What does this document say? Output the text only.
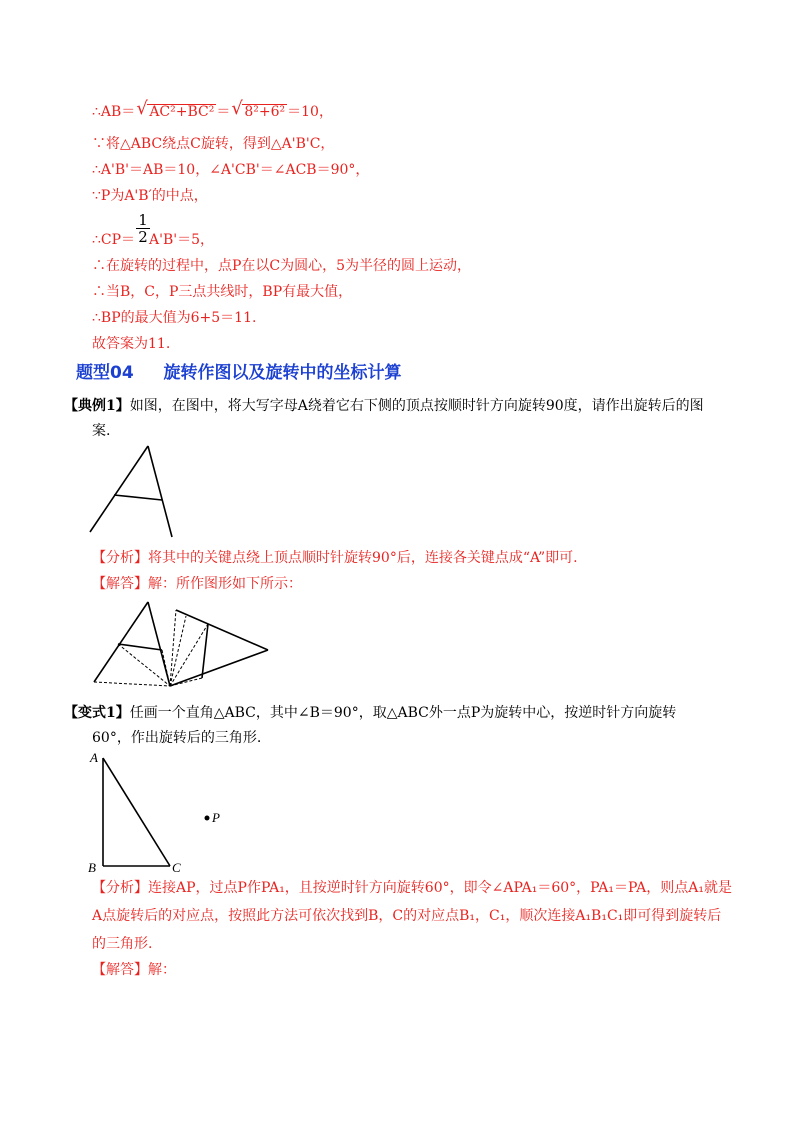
∴AB＝ √ AC²+BC² ＝ √ 8²+6² ＝10，
∵将△ABC绕点C旋转，得到△A'B'C，
∴A'B'＝AB＝10，∠A'CB'＝∠ACB＝90°，
∵P为A'B′的中点，
$\frac{1}{2}$
∴CP＝ A'B'＝5，
∴在旋转的过程中，点P在以C为圆心，5为半径的圆上运动，
∴当B，C，P三点共线时，BP有最大值，
∴BP的最大值为6+5＝11.
故答案为11.
题型04 旋转作图以及旋转中的坐标计算
【典例1】如图，在图中，将大写字母A绕着它右下侧的顶点按顺时针方向旋转90度，请作出旋转后的图
案.
【分析】将其中的关键点绕上顶点顺时针旋转90°后，连接各关键点成“A”即可.
【解答】解：所作图形如下所示：
【变式1】任画一个直角△ABC，其中∠B＝90°，取△ABC外一点P为旋转中心，按逆时针方向旋转
60°，作出旋转后的三角形.
A
B	C
P
【分析】连接AP，过点P作PA₁，且按逆时针方向旋转60°，即令∠APA₁＝60°，PA₁＝PA，则点A₁就是
A点旋转后的对应点，按照此方法可依次找到B，C的对应点B₁，C₁，顺次连接A₁B₁C₁即可得到旋转后
的三角形.
【解答】解：
